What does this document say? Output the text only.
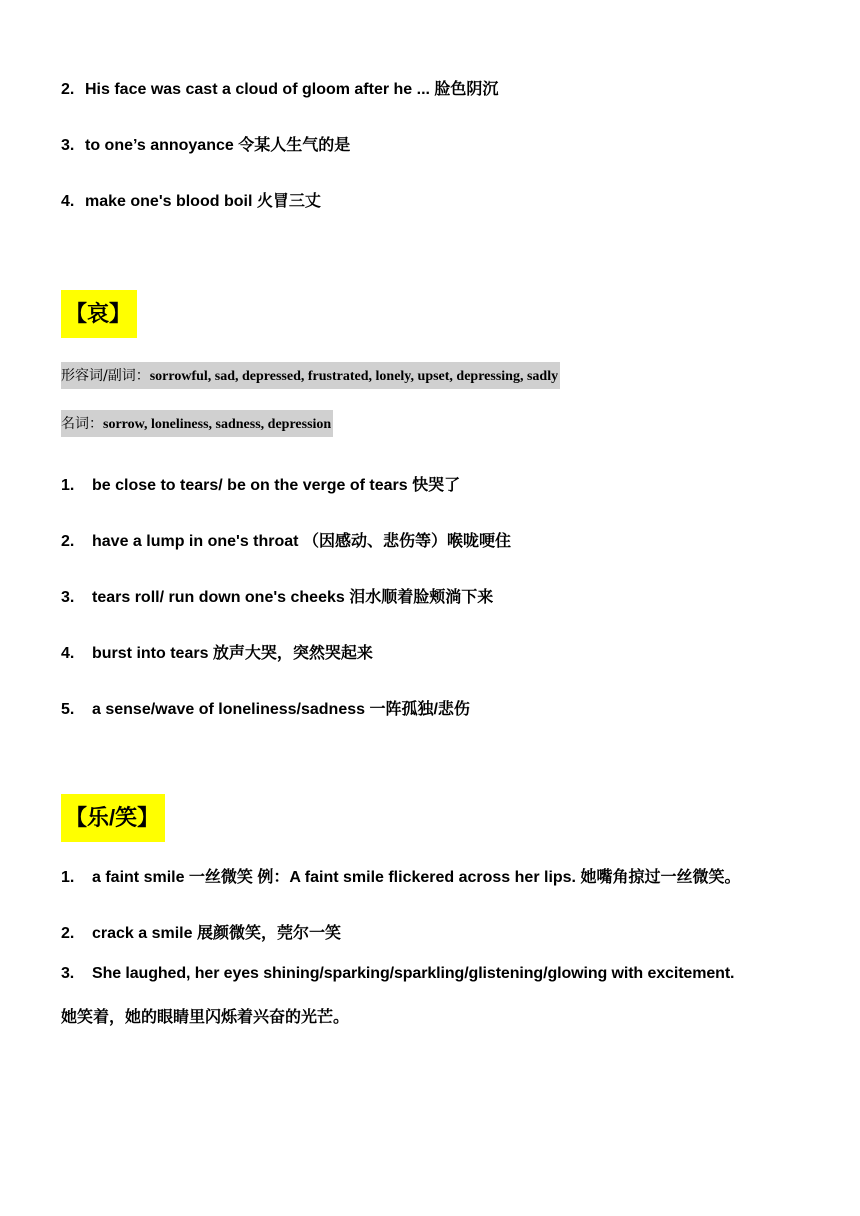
2. His face was cast a cloud of gloom after he ... 脸色阴沉
3. to one’s annoyance 令某人生气的是
4. make one's blood boil 火冒三丈
【哀】
形容词/副词：sorrowful, sad, depressed, frustrated, lonely, upset, depressing, sadly
名词：sorrow, loneliness, sadness, depression
1. be close to tears/ be on the verge of tears 快哭了
2. have a lump in one's throat （因感动、悲伤等）喉咙哽住
3. tears roll/ run down one's cheeks 泪水顺着脸颊淌下来
4. burst into tears 放声大哭，突然哭起来
5. a sense/wave of loneliness/sadness 一阵孤独/悲伤
【乐/笑】
1. a faint smile 一丝微笑 例：A faint smile flickered across her lips. 她嘴角掠过一丝微笑。
2. crack a smile 展颜微笑，莞尔一笑
3. She laughed, her eyes shining/sparking/sparkling/glistening/glowing with excitement.
她笑着，她的眼睛里闪烁着兴奋的光芒。
